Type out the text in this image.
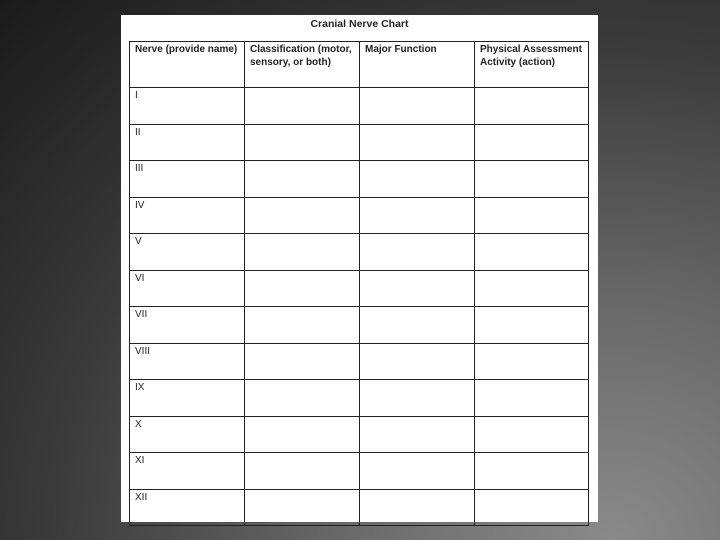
Cranial Nerve Chart
Nerve (provide name)	Classification (motor, sensory, or both)	Major Function	Physical Assessment Activity (action)
I			
II			
III			
IV			
V			
VI			
VII			
VIII			
IX			
X			
XI			
XII			
